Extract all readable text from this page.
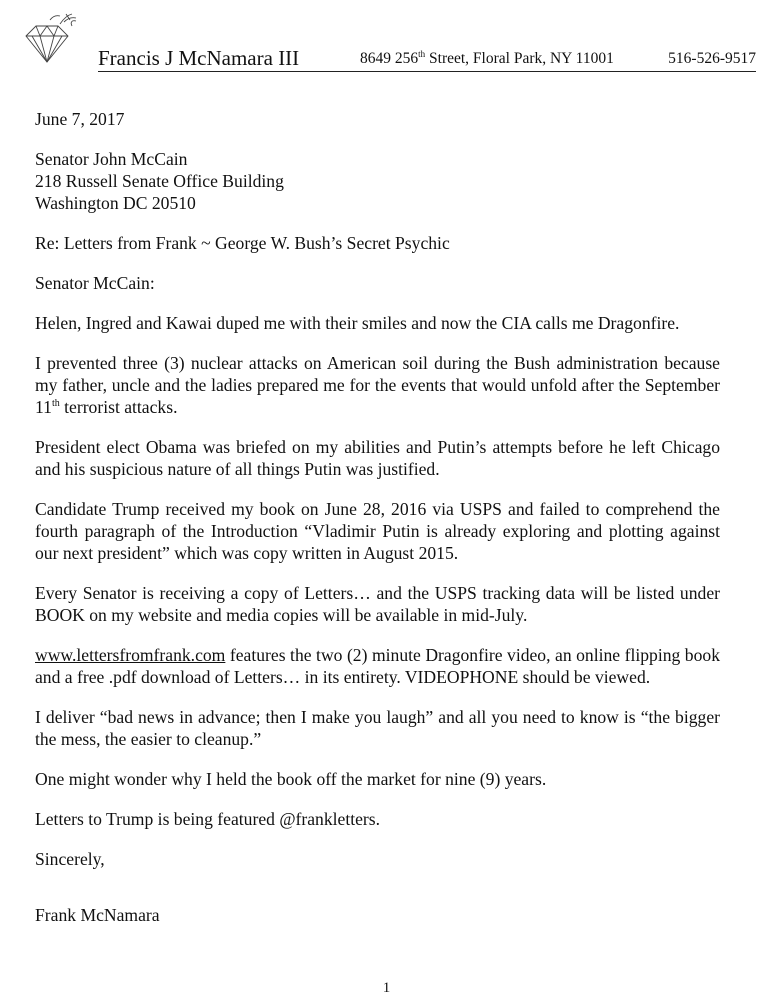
Francis J McNamara III	8649 256th Street, Floral Park, NY 11001	516-526-9517

June 7, 2017

Senator John McCain
218 Russell Senate Office Building
Washington DC 20510

Re: Letters from Frank ~ George W. Bush’s Secret Psychic

Senator McCain:

Helen, Ingred and Kawai duped me with their smiles and now the CIA calls me Dragonfire.

I prevented three (3) nuclear attacks on American soil during the Bush administration because my father, uncle and the ladies prepared me for the events that would unfold after the September 11th terrorist attacks.

President elect Obama was briefed on my abilities and Putin’s attempts before he left Chicago and his suspicious nature of all things Putin was justified.

Candidate Trump received my book on June 28, 2016 via USPS and failed to comprehend the fourth paragraph of the Introduction “Vladimir Putin is already exploring and plotting against our next president” which was copy written in August 2015.

Every Senator is receiving a copy of Letters… and the USPS tracking data will be listed under BOOK on my website and media copies will be available in mid-July.

www.lettersfromfrank.com features the two (2) minute Dragonfire video, an online flipping book and a free .pdf download of Letters… in its entirety. VIDEOPHONE should be viewed.

I deliver “bad news in advance; then I make you laugh” and all you need to know is “the bigger the mess, the easier to cleanup.”

One might wonder why I held the book off the market for nine (9) years.

Letters to Trump is being featured @frankletters.

Sincerely,

Frank McNamara

1
